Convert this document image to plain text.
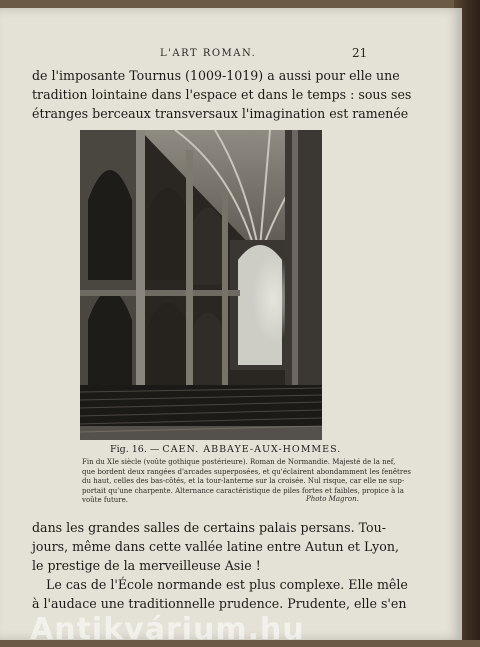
L'ART ROMAN.	21
de l'imposante Tournus (1009-1019) a aussi pour elle une
tradition lointaine dans l'espace et dans le temps : sous ses
étranges berceaux transversaux l'imagination est ramenée
Fig. 16. — CAEN. ABBAYE-AUX-HOMMES.
Fin du XIe siècle (voûte gothique postérieure). Roman de Normandie. Majesté de la nef,
que bordent deux rangées d'arcades superposées, et qu'éclairent abondamment les fenêtres
du haut, celles des bas-côtés, et la tour-lanterne sur la croisée. Nul risque, car elle ne sup-
portait qu'une charpente. Alternance caractéristique de piles fortes et faibles, propice à la
voûte future.	Photo Magron.
dans les grandes salles de certains palais persans. Tou-
jours, même dans cette vallée latine entre Autun et Lyon,
le prestige de la merveilleuse Asie !
Le cas de l'École normande est plus complexe. Elle mêle
à l'audace une traditionnelle prudence. Prudente, elle s'en
Antikvárium.hu
